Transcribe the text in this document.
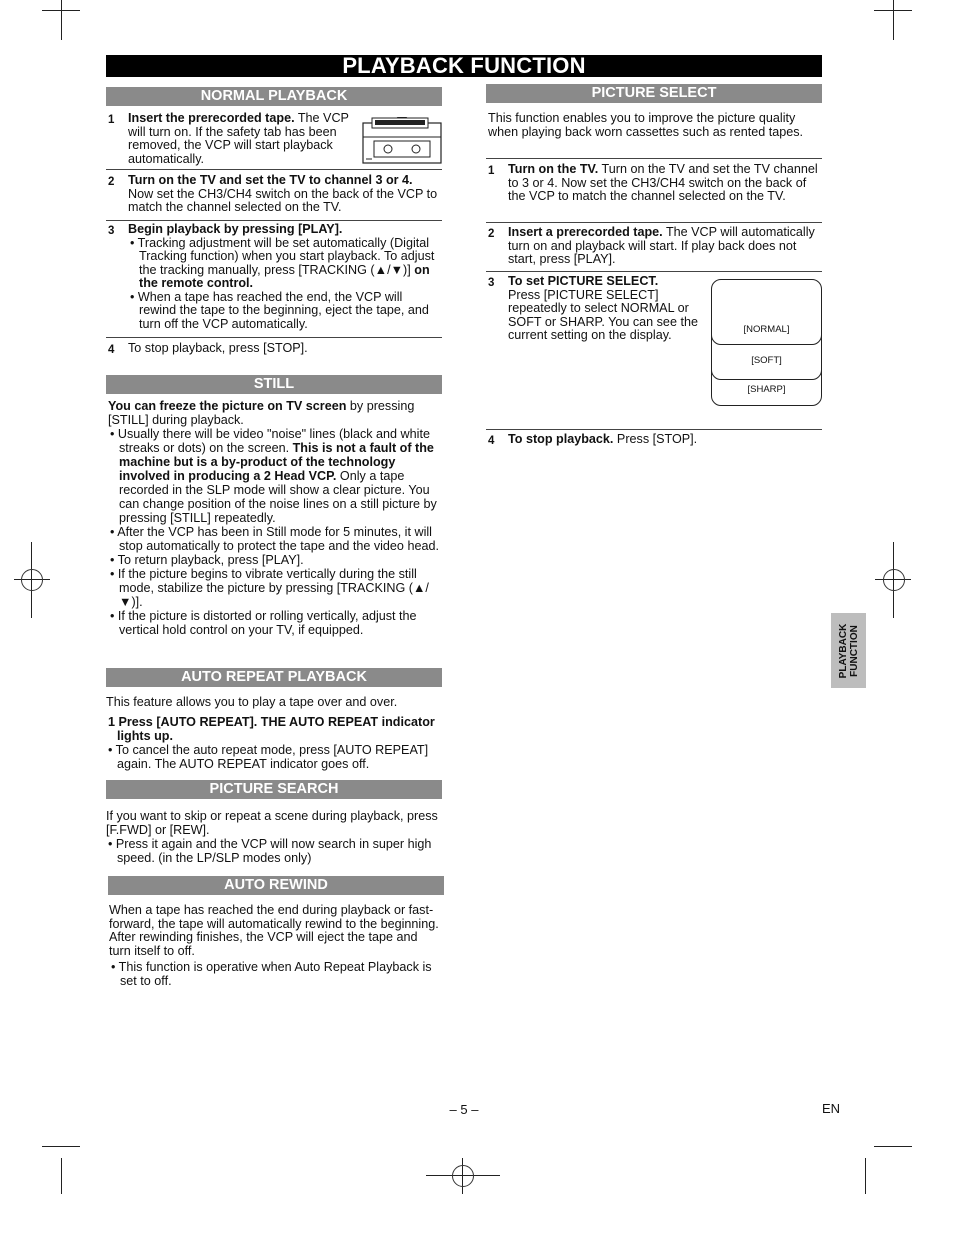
PLAYBACK FUNCTION
NORMAL PLAYBACK
1 Insert the prerecorded tape. The VCP will turn on. If the safety tab has been removed, the VCP will start playback automatically.
2 Turn on the TV and set the TV to channel 3 or 4.
Now set the CH3/CH4 switch on the back of the VCP to match the channel selected on the TV.
3 Begin playback by pressing [PLAY].
• Tracking adjustment will be set automatically (Digital Tracking function) when you start playback. To adjust the tracking manually, press [TRACKING (▲/▼)] on the remote control.
• When a tape has reached the end, the VCP will rewind the tape to the beginning, eject the tape, and turn off the VCP automatically.
4 To stop playback, press [STOP].
STILL
You can freeze the picture on TV screen by pressing [STILL] during playback.
• Usually there will be video "noise" lines (black and white streaks or dots) on the screen. This is not a fault of the machine but is a by-product of the technology involved in producing a 2 Head VCP. Only a tape recorded in the SLP mode will show a clear picture. You can change position of the noise lines on a still picture by pressing [STILL] repeatedly.
• After the VCP has been in Still mode for 5 minutes, it will stop automatically to protect the tape and the video head.
• To return playback, press [PLAY].
• If the picture begins to vibrate vertically during the still mode, stabilize the picture by pressing [TRACKING (▲/▼)].
• If the picture is distorted or rolling vertically, adjust the vertical hold control on your TV, if equipped.
AUTO REPEAT PLAYBACK
This feature allows you to play a tape over and over.
1 Press [AUTO REPEAT]. THE AUTO REPEAT indicator lights up.
• To cancel the auto repeat mode, press [AUTO REPEAT] again. The AUTO REPEAT indicator goes off.
PICTURE SEARCH
If you want to skip or repeat a scene during playback, press [F.FWD] or [REW].
• Press it again and the VCP will now search in super high speed. (in the LP/SLP modes only)
AUTO REWIND
When a tape has reached the end during playback or fast-forward, the tape will automatically rewind to the beginning. After rewinding finishes, the VCP will eject the tape and turn itself to off.
• This function is operative when Auto Repeat Playback is set to off.
PICTURE SELECT
This function enables you to improve the picture quality when playing back worn cassettes such as rented tapes.
1 Turn on the TV. Turn on the TV and set the TV channel to 3 or 4. Now set the CH3/CH4 switch on the back of the VCP to match the channel selected on the TV.
2 Insert a prerecorded tape. The VCP will automatically turn on and playback will start. If play back does not start, press [PLAY].
3 To set PICTURE SELECT.
Press [PICTURE SELECT] repeatedly to select NORMAL or SOFT or SHARP. You can see the current setting on the display.
[SHARP]
[SOFT]
[NORMAL]
4 To stop playback. Press [STOP].
PLAYBACK FUNCTION
– 5 –	EN
